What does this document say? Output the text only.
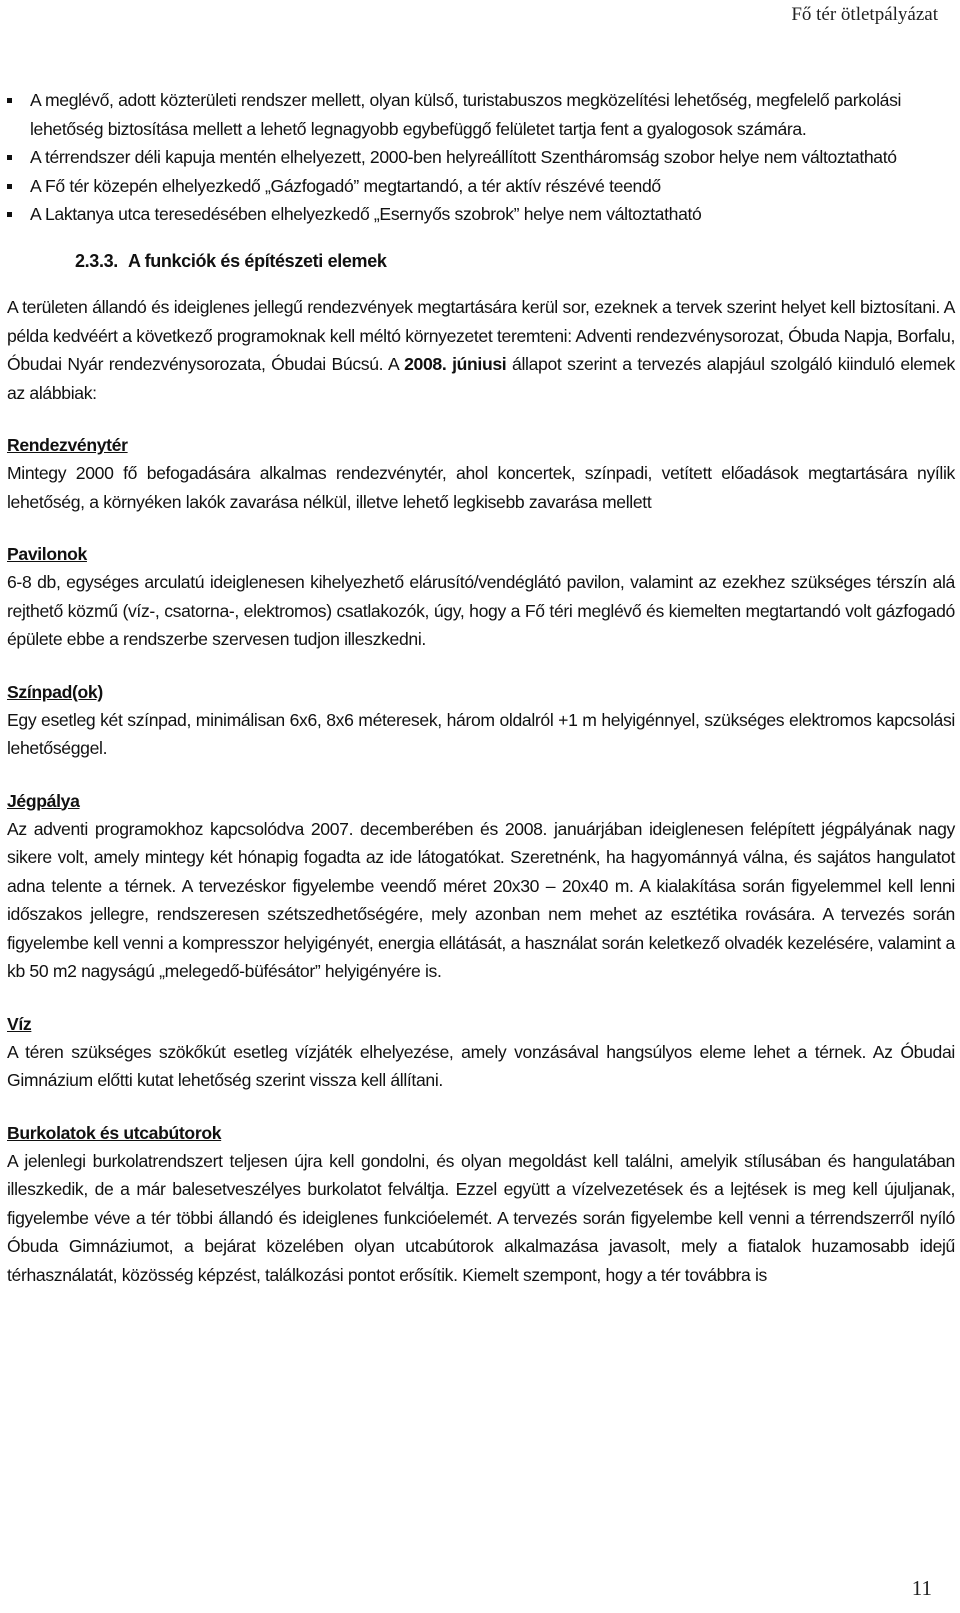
Fő tér ötletpályázat
A meglévő, adott közterületi rendszer mellett, olyan külső, turistabuszos megközelítési lehetőség, megfelelő parkolási lehetőség biztosítása mellett a lehető legnagyobb egybefüggő felületet tartja fent a gyalogosok számára.
A térrendszer déli kapuja mentén elhelyezett, 2000-ben helyreállított Szentháromság szobor helye nem változtatható
A Fő tér közepén elhelyezkedő „Gázfogadó” megtartandó, a tér aktív részévé teendő
A Laktanya utca teresedésében elhelyezkedő „Esernyős szobrok” helye nem változtatható
2.3.3. A funkciók és építészeti elemek

A területen állandó és ideiglenes jellegű rendezvények megtartására kerül sor, ezeknek a tervek szerint helyet kell biztosítani. A példa kedvéért a következő programoknak kell méltó környezetet teremteni: Adventi rendezvénysorozat, Óbuda Napja, Borfalu, Óbudai Nyár rendezvénysorozata, Óbudai Búcsú. A 2008. júniusi állapot szerint a tervezés alapjául szolgáló kiinduló elemek az alábbiak:

Rendezvénytér

Mintegy 2000 fő befogadására alkalmas rendezvénytér, ahol koncertek, színpadi, vetített előadások megtartására nyílik lehetőség, a környéken lakók zavarása nélkül, illetve lehető legkisebb zavarása mellett

Pavilonok

6-8 db, egységes arculatú ideiglenesen kihelyezhető elárusító/vendéglátó pavilon, valamint az ezekhez szükséges térszín alá rejthető közmű (víz-, csatorna-, elektromos) csatlakozók, úgy, hogy a Fő téri meglévő és kiemelten megtartandó volt gázfogadó épülete ebbe a rendszerbe szervesen tudjon illeszkedni.

Színpad(ok)

Egy esetleg két színpad, minimálisan 6x6, 8x6 méteresek, három oldalról +1 m helyigénnyel, szükséges elektromos kapcsolási lehetőséggel.

Jégpálya

Az adventi programokhoz kapcsolódva 2007. decemberében és 2008. januárjában ideiglenesen felépített jégpályának nagy sikere volt, amely mintegy két hónapig fogadta az ide látogatókat. Szeretnénk, ha hagyománnyá válna, és sajátos hangulatot adna telente a térnek. A tervezéskor figyelembe veendő méret 20x30 – 20x40 m. A kialakítása során figyelemmel kell lenni időszakos jellegre, rendszeresen szétszedhetőségére, mely azonban nem mehet az esztétika rovására. A tervezés során figyelembe kell venni a kompresszor helyigényét, energia ellátását, a használat során keletkező olvadék kezelésére, valamint a kb 50 m2 nagyságú „melegedő-büfésátor” helyigényére is.

Víz

A téren szükséges szökőkút esetleg vízjáték elhelyezése, amely vonzásával hangsúlyos eleme lehet a térnek. Az Óbudai Gimnázium előtti kutat lehetőség szerint vissza kell állítani.

Burkolatok és utcabútorok

A jelenlegi burkolatrendszert teljesen újra kell gondolni, és olyan megoldást kell találni, amelyik stílusában és hangulatában illeszkedik, de a már balesetveszélyes burkolatot felváltja. Ezzel együtt a vízelvezetések és a lejtések is meg kell újuljanak, figyelembe véve a tér többi állandó és ideiglenes funkcióelemét. A tervezés során figyelembe kell venni a térrendszerről nyíló Óbuda Gimnáziumot, a bejárat közelében olyan utcabútorok alkalmazása javasolt, mely a fiatalok huzamosabb idejű térhasználatát, közösség képzést, találkozási pontot erősítik. Kiemelt szempont, hogy a tér továbbra is

11
